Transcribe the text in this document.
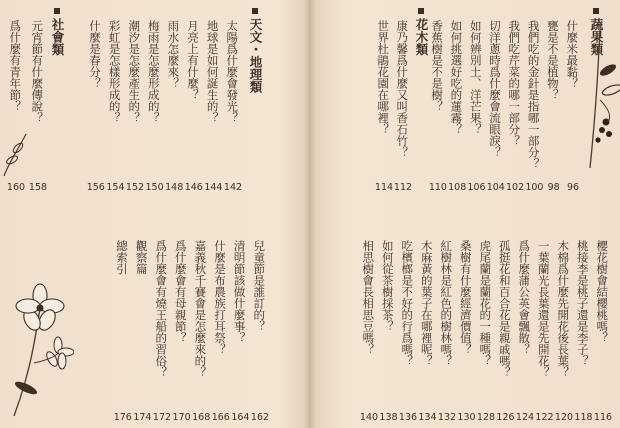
什麼米最黏？
96
甕是不是植物？
98
我們吃的金針是指哪一部分？
100
我們吃芹菜的哪一部分？
102
切洋蔥時爲什麼會流眼淚？
104
如何辨別土、洋芒果？
106
如何挑選好吃的蓮霧？
108
香蕉樹是不是樹？
110
康乃馨爲什麼又叫香石竹？
112
世界杜鵑花園在哪裡？
114
櫻花樹會結櫻桃嗎？
116
桃接李是桃子還是李子？
118
木棉爲什麼先開花後長葉？
120
一葉蘭光長葉還是先開花？
122
爲什麼蒲公英會飄散？
124
孤挺花和百合花是親戚嗎？
126
虎尾蘭是蘭花的一種嗎？
128
桑樹有什麼經濟價值？
130
紅樹林是紅色的樹林嗎？
132
木麻黃的葉子在哪裡呢？
134
吃檳榔是不好的行爲嗎？
136
如何從茶樹採茶？
138
相思樹會長相思豆嗎？
140
太陽爲什麼會發光？
142
地球是如何誕生的？
144
月亮上有什麼？
146
雨水怎麼來？
148
梅雨是怎麼形成的？
150
潮汐是怎麼產生的？
152
彩虹是怎樣形成的？
154
什麼是春分？
156
元宵節有什麼傳說？
158
爲什麼有青年節？
160
兒童節是誰訂的？
162
清明節該做什麼事？
164
什麼是布農族打耳祭？
166
嘉義秋千賽會是怎麼來的？
168
爲什麼會有母親節？
170
爲什麼會有燒王船的習俗？
172
觀察篇
174
總索引
176
蔬果類
花木類
天文・地理類
社會類
